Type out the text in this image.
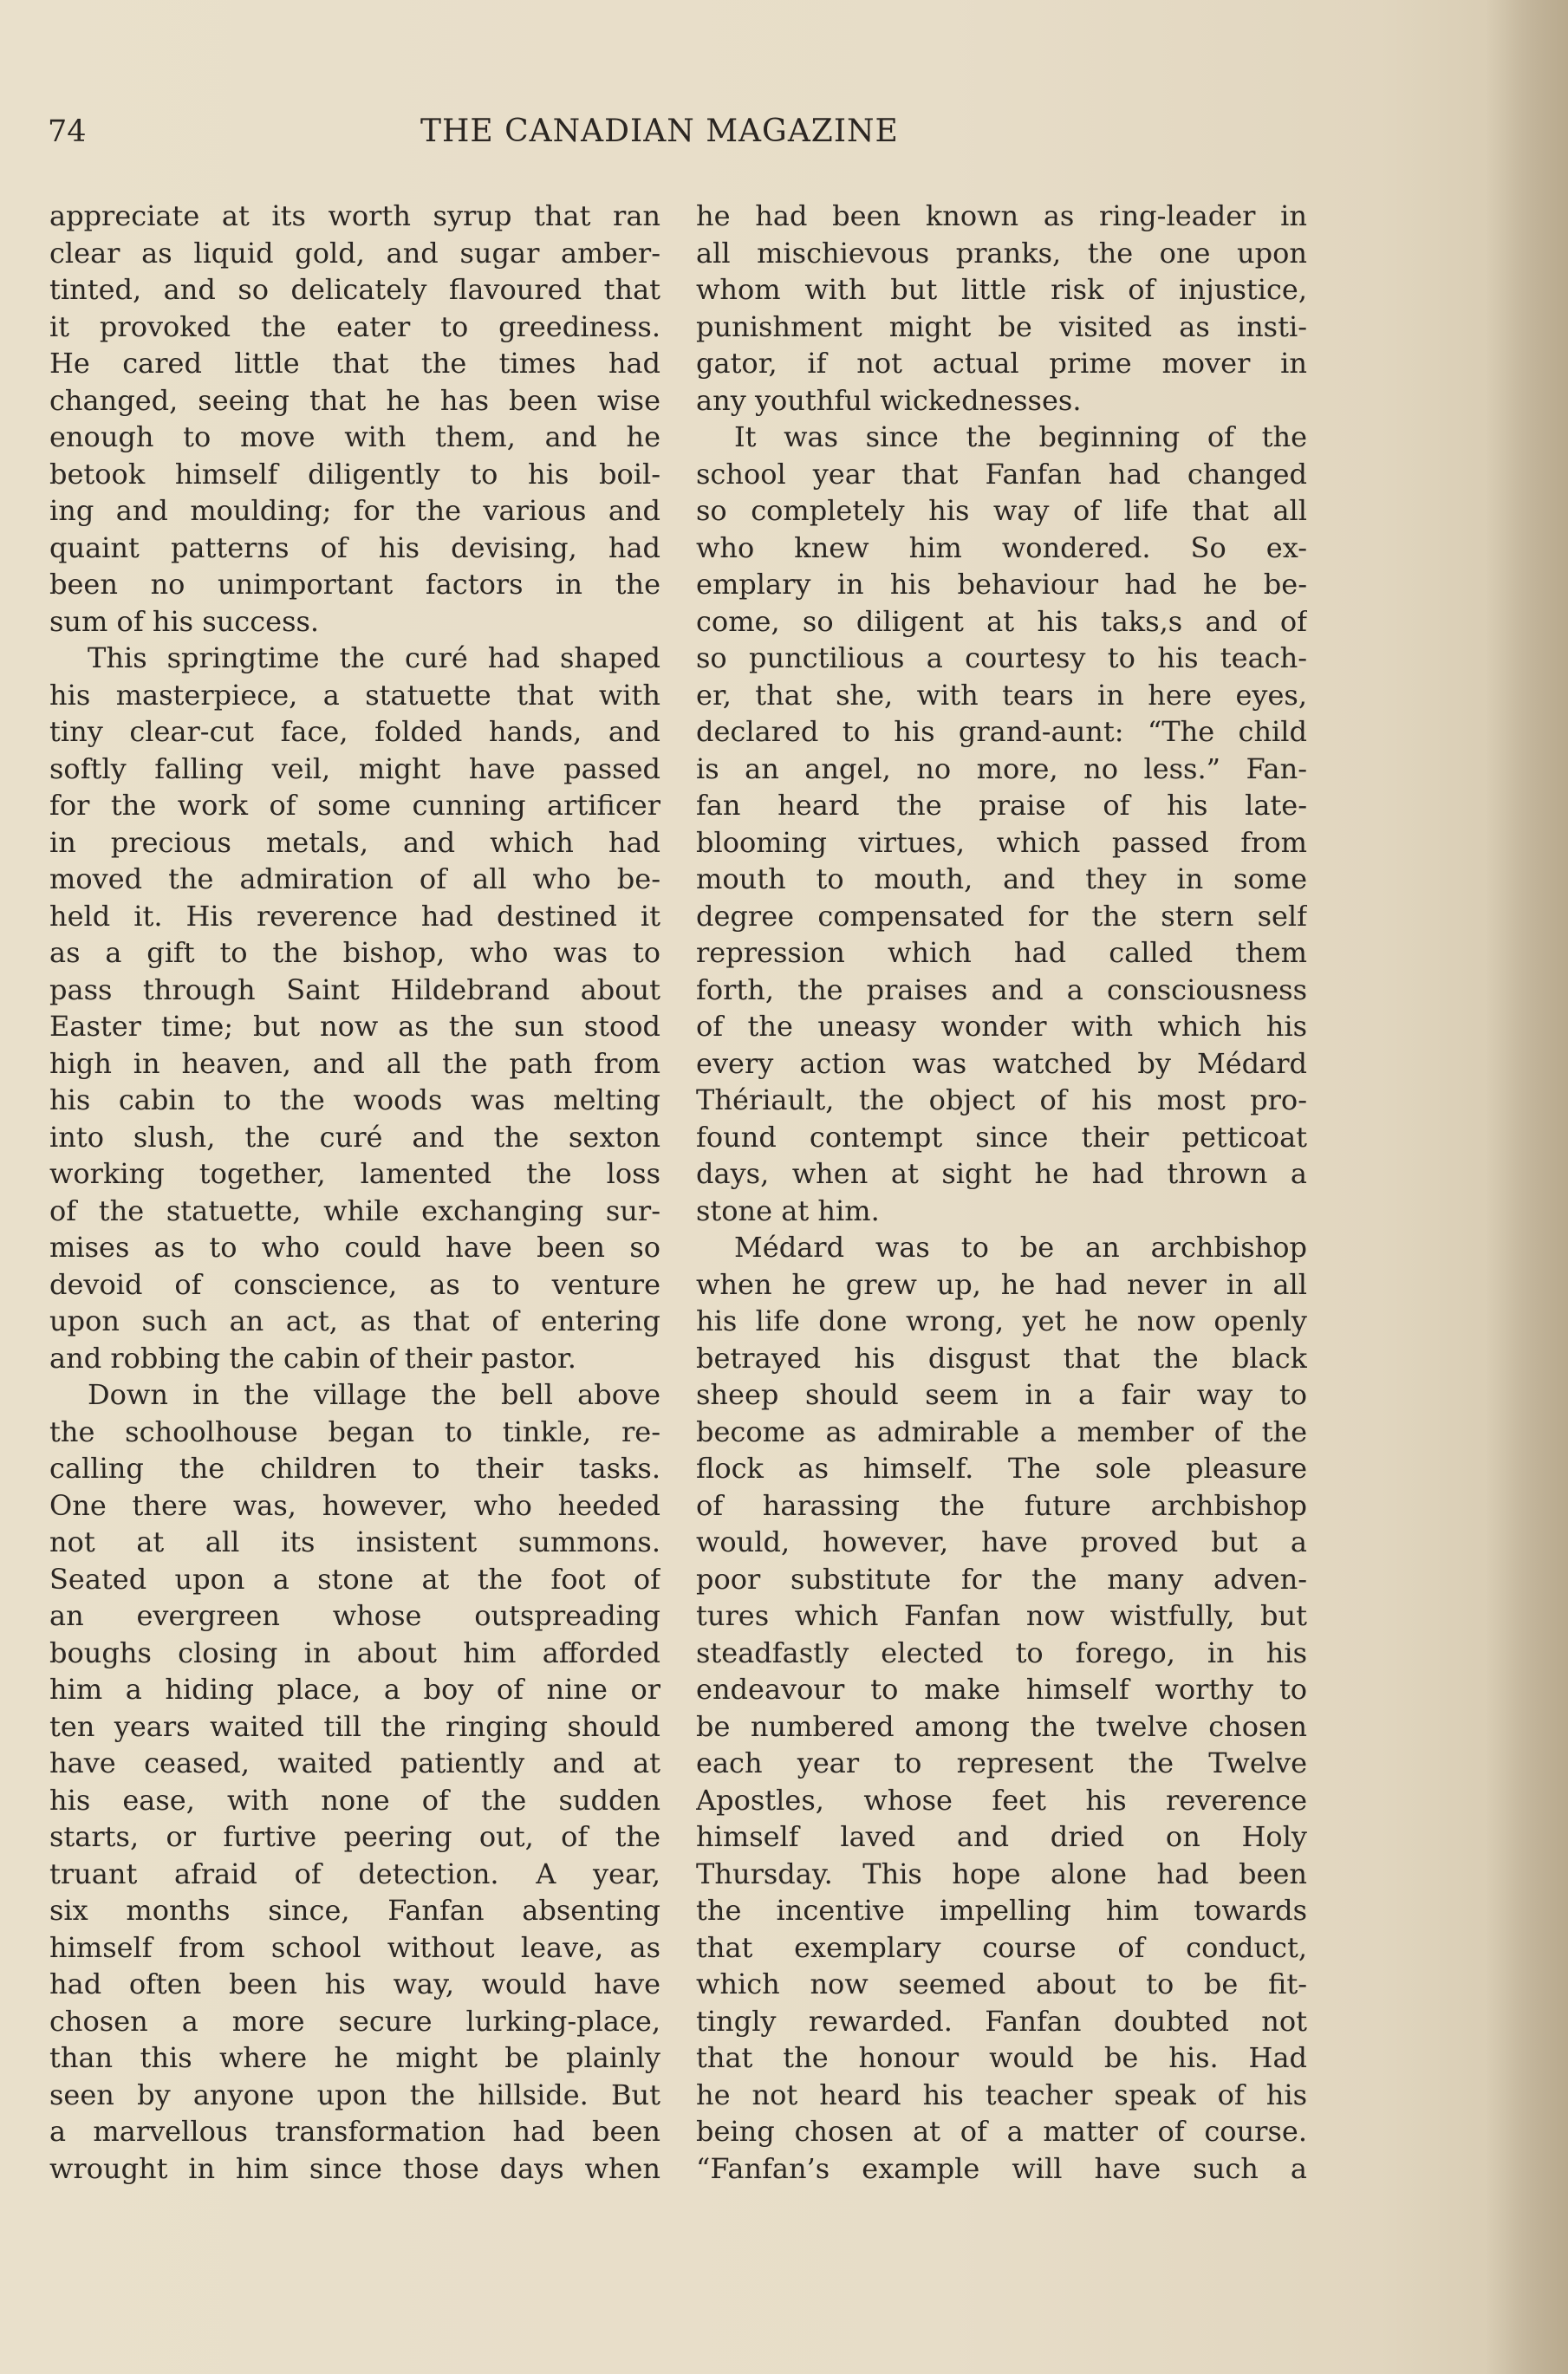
74	THE CANADIAN MAGAZINE
appreciate at its worth syrup that ran
clear as liquid gold, and sugar amber-
tinted, and so delicately flavoured that
it provoked the eater to greediness.
He cared little that the times had
changed, seeing that he has been wise
enough to move with them, and he
betook himself diligently to his boil-
ing and moulding; for the various and
quaint patterns of his devising, had
been no unimportant factors in the
sum of his success.
This springtime the curé had shaped
his masterpiece, a statuette that with
tiny clear-cut face, folded hands, and
softly falling veil, might have passed
for the work of some cunning artificer
in precious metals, and which had
moved the admiration of all who be-
held it. His reverence had destined it
as a gift to the bishop, who was to
pass through Saint Hildebrand about
Easter time; but now as the sun stood
high in heaven, and all the path from
his cabin to the woods was melting
into slush, the curé and the sexton
working together, lamented the loss
of the statuette, while exchanging sur-
mises as to who could have been so
devoid of conscience, as to venture
upon such an act, as that of entering
and robbing the cabin of their pastor.
Down in the village the bell above
the schoolhouse began to tinkle, re-
calling the children to their tasks.
One there was, however, who heeded
not at all its insistent summons.
Seated upon a stone at the foot of
an evergreen whose outspreading
boughs closing in about him afforded
him a hiding place, a boy of nine or
ten years waited till the ringing should
have ceased, waited patiently and at
his ease, with none of the sudden
starts, or furtive peering out, of the
truant afraid of detection. A year,
six months since, Fanfan absenting
himself from school without leave, as
had often been his way, would have
chosen a more secure lurking-place,
than this where he might be plainly
seen by anyone upon the hillside. But
a marvellous transformation had been
wrought in him since those days when
he had been known as ring-leader in
all mischievous pranks, the one upon
whom with but little risk of injustice,
punishment might be visited as insti-
gator, if not actual prime mover in
any youthful wickednesses.
It was since the beginning of the
school year that Fanfan had changed
so completely his way of life that all
who knew him wondered. So ex-
emplary in his behaviour had he be-
come, so diligent at his taks,s and of
so punctilious a courtesy to his teach-
er, that she, with tears in here eyes,
declared to his grand-aunt: “The child
is an angel, no more, no less.” Fan-
fan heard the praise of his late-
blooming virtues, which passed from
mouth to mouth, and they in some
degree compensated for the stern self
repression which had called them
forth, the praises and a consciousness
of the uneasy wonder with which his
every action was watched by Médard
Thériault, the object of his most pro-
found contempt since their petticoat
days, when at sight he had thrown a
stone at him.
Médard was to be an archbishop
when he grew up, he had never in all
his life done wrong, yet he now openly
betrayed his disgust that the black
sheep should seem in a fair way to
become as admirable a member of the
flock as himself. The sole pleasure
of harassing the future archbishop
would, however, have proved but a
poor substitute for the many adven-
tures which Fanfan now wistfully, but
steadfastly elected to forego, in his
endeavour to make himself worthy to
be numbered among the twelve chosen
each year to represent the Twelve
Apostles, whose feet his reverence
himself laved and dried on Holy
Thursday. This hope alone had been
the incentive impelling him towards
that exemplary course of conduct,
which now seemed about to be fit-
tingly rewarded. Fanfan doubted not
that the honour would be his. Had
he not heard his teacher speak of his
being chosen at of a matter of course.
“Fanfan’s example will have such a
